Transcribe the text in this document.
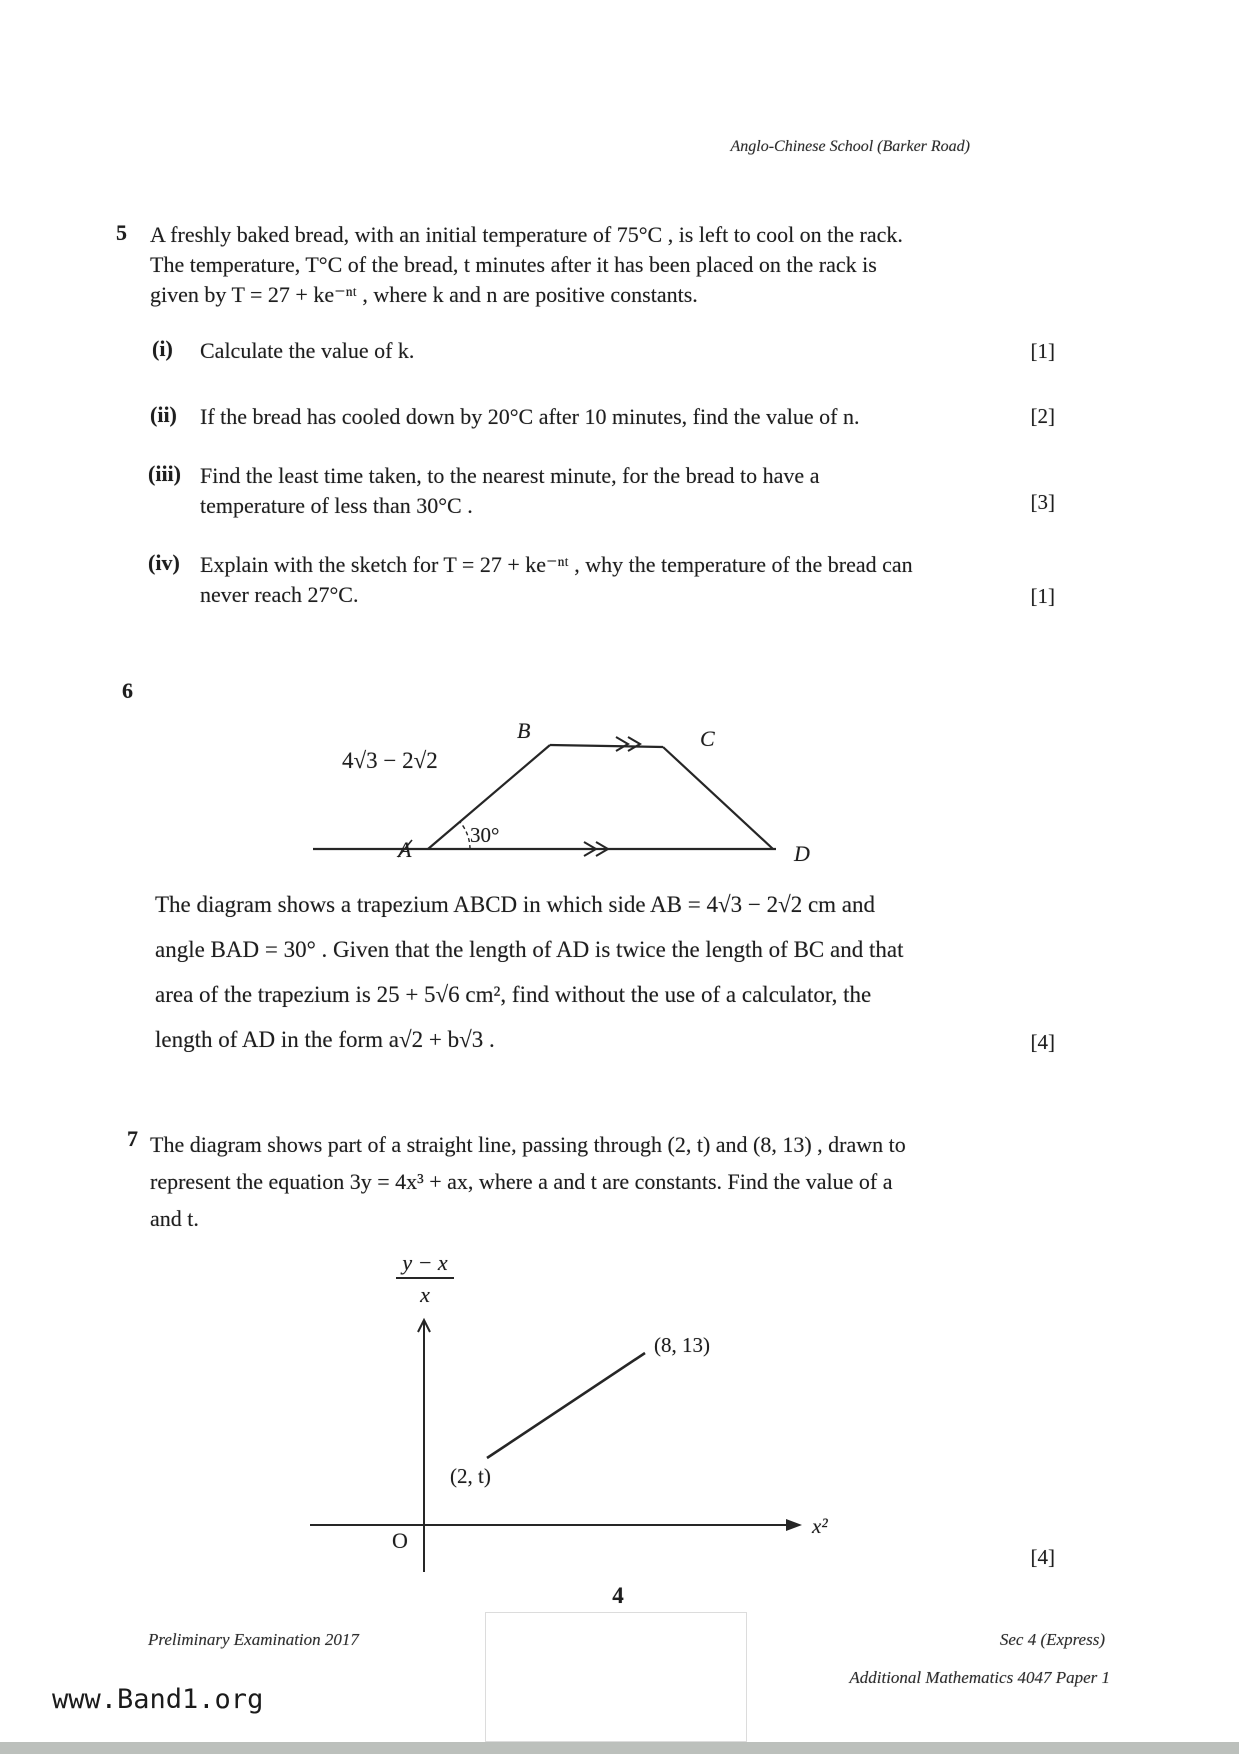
Anglo-Chinese School (Barker Road)
5 A freshly baked bread, with an initial temperature of 75°C , is left to cool on the rack.
The temperature, T°C of the bread, t minutes after it has been placed on the rack is
given by T = 27 + ke⁻ⁿᵗ , where k and n are positive constants.
(i) Calculate the value of k.	[1]
(ii) If the bread has cooled down by 20°C after 10 minutes, find the value of n.	[2]
(iii) Find the least time taken, to the nearest minute, for the bread to have a
temperature of less than 30°C .	[3]
(iv) Explain with the sketch for T = 27 + ke⁻ⁿᵗ , why the temperature of the bread can
never reach 27°C.	[1]
6
B	C
A	D
30°
4√3 − 2√2
The diagram shows a trapezium ABCD in which side AB = 4√3 − 2√2 cm and
angle BAD = 30° . Given that the length of AD is twice the length of BC and that
area of the trapezium is 25 + 5√6 cm², find without the use of a calculator, the
length of AD in the form a√2 + b√3 .	[4]
7 The diagram shows part of a straight line, passing through (2, t) and (8, 13) , drawn to
represent the equation 3y = 4x³ + ax, where a and t are constants. Find the value of a
and t.
y − x
x
x²
O
(2, t)
(8, 13)
[4]
4
Preliminary Examination 2017	Sec 4 (Express)
Additional Mathematics 4047 Paper 1
www.Band1.org
